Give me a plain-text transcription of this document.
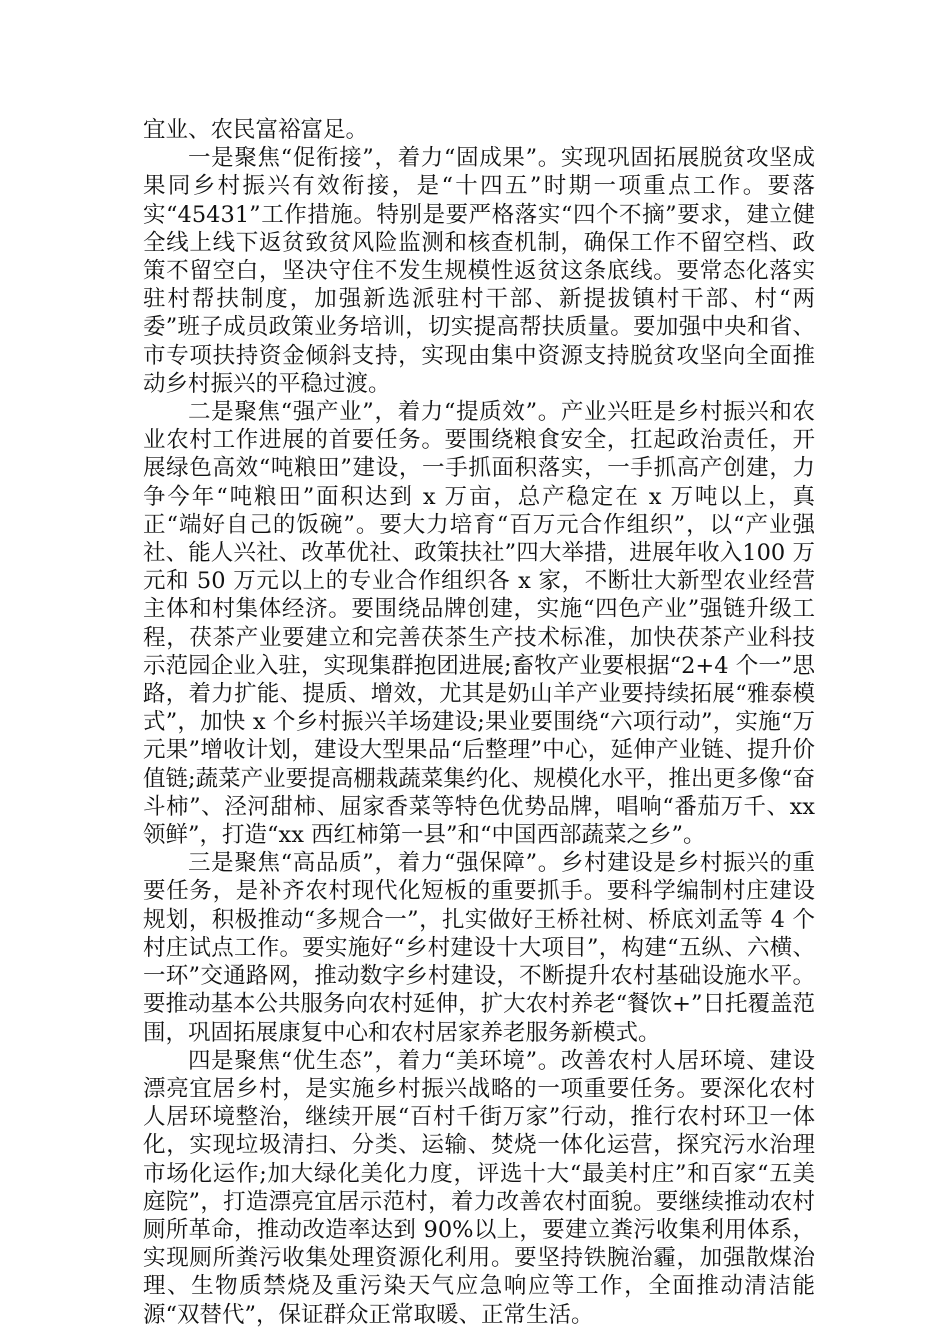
宜业、农民富裕富足。

一是聚焦“促衔接”，着力“固成果”。实现巩固拓展脱贫攻坚成果同乡村振兴有效衔接，是“十四五”时期一项重点工作。要落实“45431”工作措施。特别是要严格落实“四个不摘”要求，建立健全线上线下返贫致贫风险监测和核查机制，确保工作不留空档、政策不留空白，坚决守住不发生规模性返贫这条底线。要常态化落实驻村帮扶制度，加强新选派驻村干部、新提拔镇村干部、村“两委”班子成员政策业务培训，切实提高帮扶质量。要加强中央和省、市专项扶持资金倾斜支持，实现由集中资源支持脱贫攻坚向全面推动乡村振兴的平稳过渡。

二是聚焦“强产业”，着力“提质效”。产业兴旺是乡村振兴和农业农村工作进展的首要任务。要围绕粮食安全，扛起政治责任，开展绿色高效“吨粮田”建设，一手抓面积落实，一手抓高产创建，力争今年“吨粮田”面积达到 x 万亩，总产稳定在 x 万吨以上，真正“端好自己的饭碗”。要大力培育“百万元合作组织”，以“产业强社、能人兴社、改革优社、政策扶社”四大举措，进展年收入100 万元和 50 万元以上的专业合作组织各 x 家，不断壮大新型农业经营主体和村集体经济。要围绕品牌创建，实施“四色产业”强链升级工程，茯茶产业要建立和完善茯茶生产技术标准，加快茯茶产业科技示范园企业入驻，实现集群抱团进展;畜牧产业要根据“2+4 个一”思路，着力扩能、提质、增效，尤其是奶山羊产业要持续拓展“雅泰模式”，加快 x 个乡村振兴羊场建设;果业要围绕“六项行动”，实施“万元果”增收计划，建设大型果品“后整理”中心，延伸产业链、提升价值链;蔬菜产业要提高棚栽蔬菜集约化、规模化水平，推出更多像“奋斗柿”、泾河甜柿、屈家香菜等特色优势品牌，唱响“番茄万千、xx 领鲜”，打造“xx 西红柿第一县”和“中国西部蔬菜之乡”。

三是聚焦“高品质”，着力“强保障”。乡村建设是乡村振兴的重要任务，是补齐农村现代化短板的重要抓手。要科学编制村庄建设规划，积极推动“多规合一”，扎实做好王桥社树、桥底刘孟等 4 个村庄试点工作。要实施好“乡村建设十大项目”，构建“五纵、六横、一环”交通路网，推动数字乡村建设，不断提升农村基础设施水平。要推动基本公共服务向农村延伸，扩大农村养老“餐饮+”日托覆盖范围，巩固拓展康复中心和农村居家养老服务新模式。

四是聚焦“优生态”，着力“美环境”。改善农村人居环境、建设漂亮宜居乡村，是实施乡村振兴战略的一项重要任务。要深化农村人居环境整治，继续开展“百村千街万家”行动，推行农村环卫一体化，实现垃圾清扫、分类、运输、焚烧一体化运营，探究污水治理市场化运作;加大绿化美化力度，评选十大“最美村庄”和百家“五美庭院”，打造漂亮宜居示范村，着力改善农村面貌。要继续推动农村厕所革命，推动改造率达到 90%以上，要建立粪污收集利用体系，实现厕所粪污收集处理资源化利用。要坚持铁腕治霾，加强散煤治理、生物质禁烧及重污染天气应急响应等工作，全面推动清洁能源“双替代”，保证群众正常取暖、正常生活。
